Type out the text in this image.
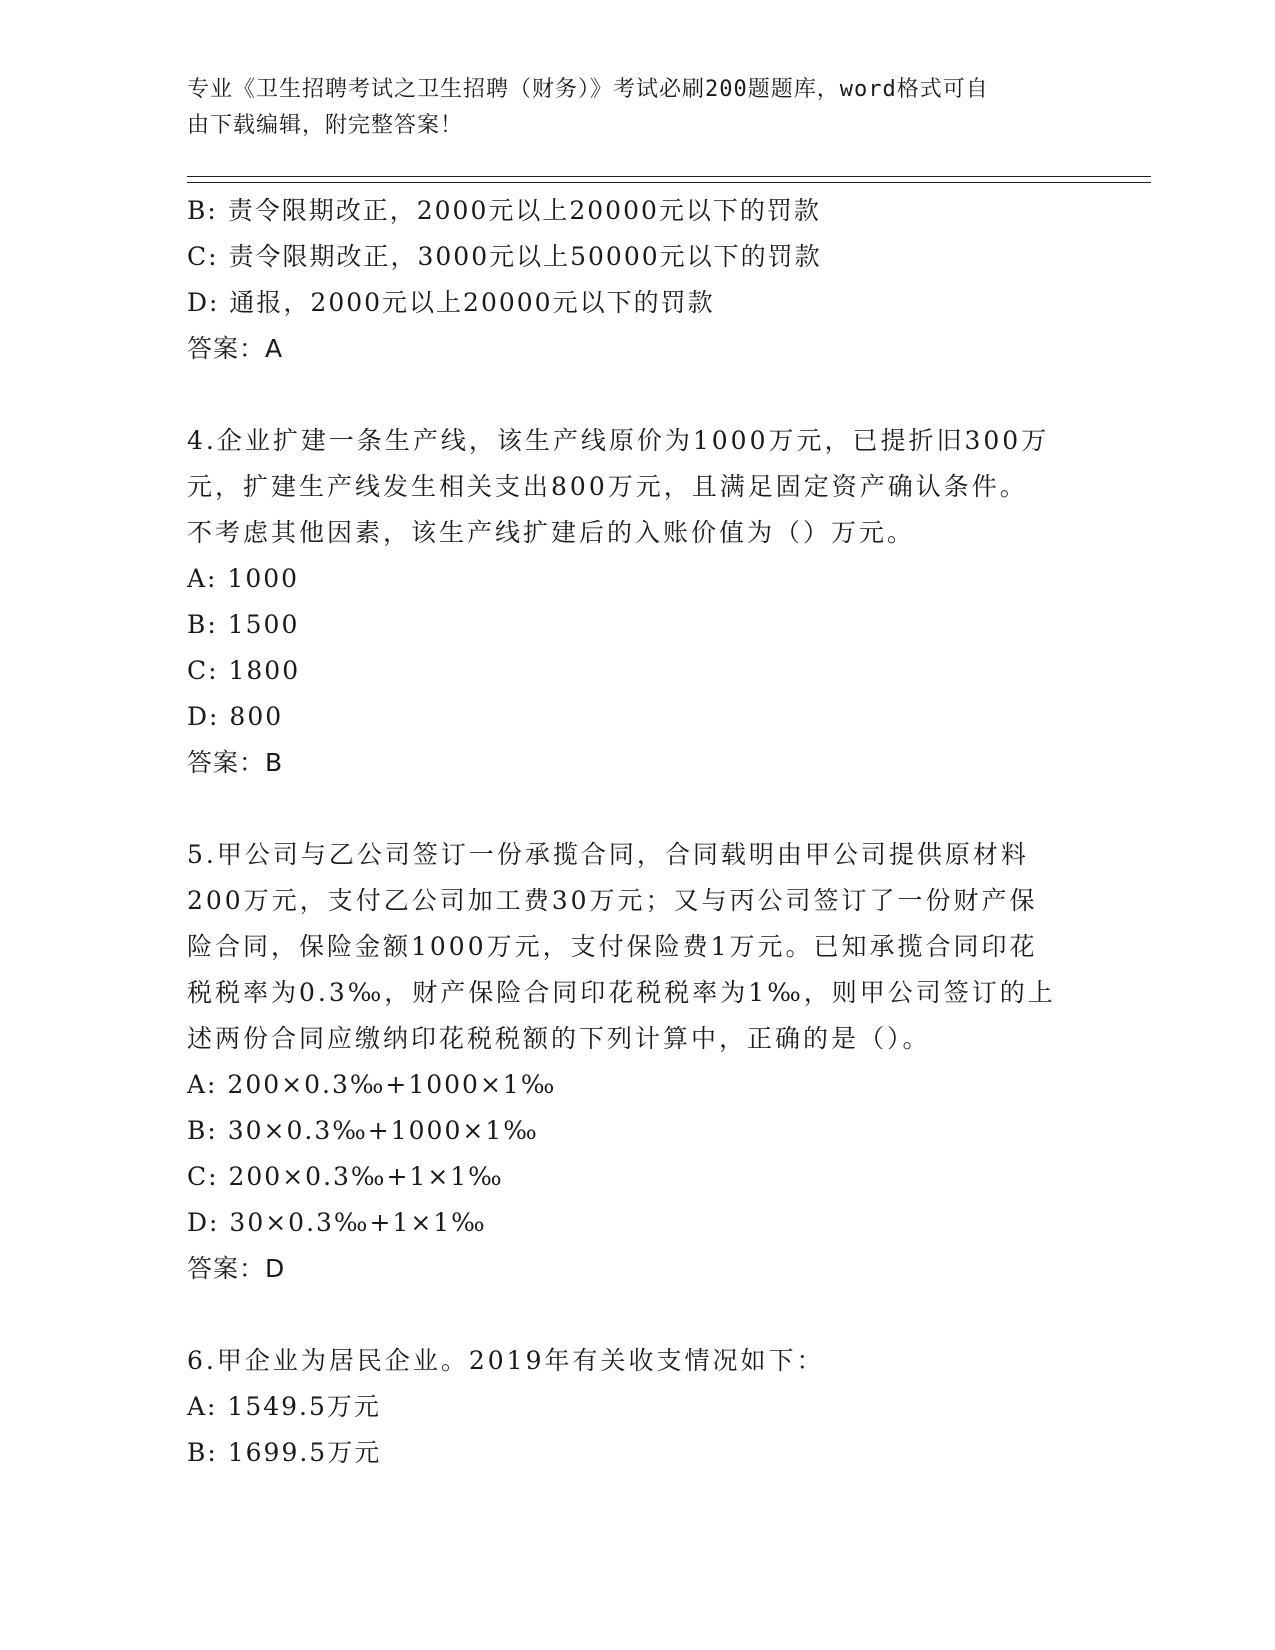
专业《卫生招聘考试之卫生招聘（财务）》考试必刷200题题库，word格式可自
由下载编辑，附完整答案！
B: 责令限期改正，2000元以上20000元以下的罚款
C: 责令限期改正，3000元以上50000元以下的罚款
D: 通报，2000元以上20000元以下的罚款
答案：A
4.企业扩建一条生产线，该生产线原价为1000万元，已提折旧300万
元，扩建生产线发生相关支出800万元，且满足固定资产确认条件。
不考虑其他因素，该生产线扩建后的入账价值为（）万元。
A: 1000
B: 1500
C: 1800
D: 800
答案：B
5.甲公司与乙公司签订一份承揽合同，合同载明由甲公司提供原材料
200万元，支付乙公司加工费30万元；又与丙公司签订了一份财产保
险合同，保险金额1000万元，支付保险费1万元。已知承揽合同印花
税税率为0.3‰，财产保险合同印花税税率为1‰，则甲公司签订的上
述两份合同应缴纳印花税税额的下列计算中，正确的是（）。
A: 200×0.3‰+1000×1‰
B: 30×0.3‰+1000×1‰
C: 200×0.3‰+1×1‰
D: 30×0.3‰+1×1‰
答案：D
6.甲企业为居民企业。2019年有关收支情况如下：
A: 1549.5万元
B: 1699.5万元
